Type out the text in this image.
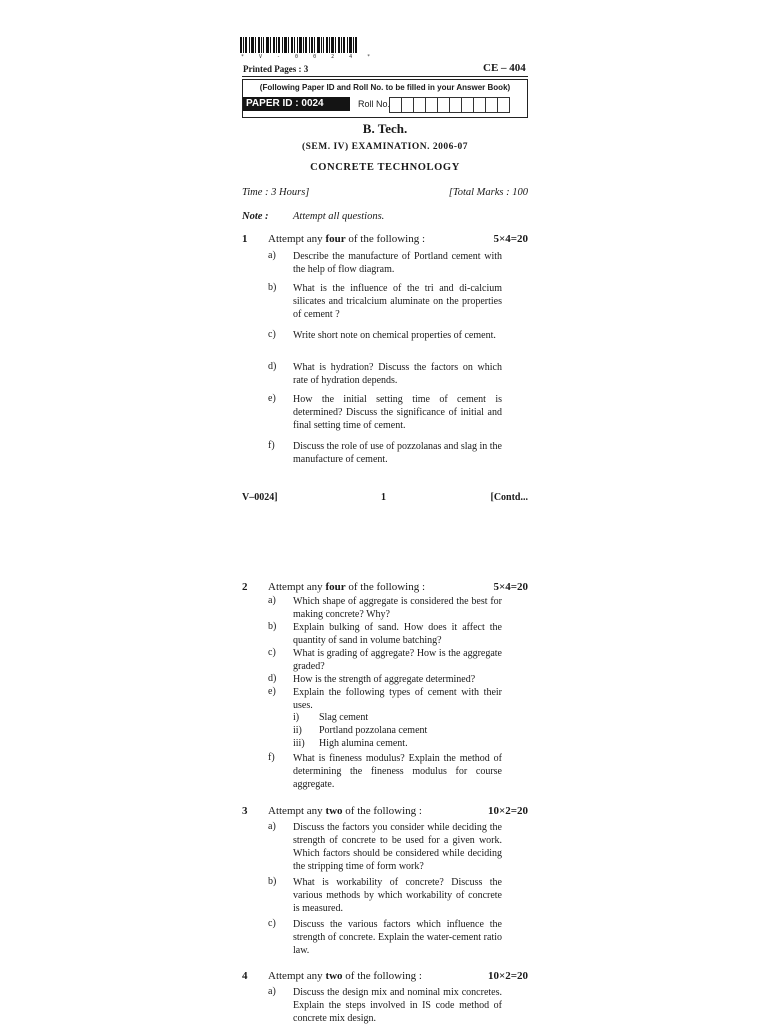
* V - 0 0 2 4 *
Printed Pages : 3	CE – 404
(Following Paper ID and Roll No. to be filled in your Answer Book)
PAPER ID : 0024	Roll No.
B. Tech.
(SEM. IV) EXAMINATION. 2006-07
CONCRETE TECHNOLOGY
Time : 3 Hours]	[Total Marks : 100
Note : Attempt all questions.
1 Attempt any four of the following :	5×4=20
a)	Describe the manufacture of Portland cement with the help of flow diagram.
b)	What is the influence of the tri and di-calcium silicates and tricalcium aluminate on the properties of cement ?
c)	Write short note on chemical properties of cement.
d)	What is hydration? Discuss the factors on which rate of hydration depends.
e)	How the initial setting time of cement is determined? Discuss the significance of initial and final setting time of cement.
f)	Discuss the role of use of pozzolanas and slag in the manufacture of cement.
V–0024]	1	[Contd...
2 Attempt any four of the following :	5×4=20
a)	Which shape of aggregate is considered the best for making concrete? Why?
b)	Explain bulking of sand. How does it affect the quantity of sand in volume batching?
c)	What is grading of aggregate? How is the aggregate graded?
d)	How is the strength of aggregate determined?
e)	Explain the following types of cement with their uses.
i) Slag cement
ii) Portland pozzolana cement
iii) High alumina cement.
f)	What is fineness modulus? Explain the method of determining the fineness modulus for course aggregate.
3 Attempt any two of the following :	10×2=20
a)	Discuss the factors you consider while deciding the strength of concrete to be used for a given work. Which factors should be considered while deciding the stripping time of form work?
b)	What is workability of concrete? Discuss the various methods by which workability of concrete is measured.
c)	Discuss the various factors which influence the strength of concrete. Explain the water-cement ratio law.
4 Attempt any two of the following :	10×2=20
a)	Discuss the design mix and nominal mix concretes. Explain the steps involved in IS code method of concrete mix design.
